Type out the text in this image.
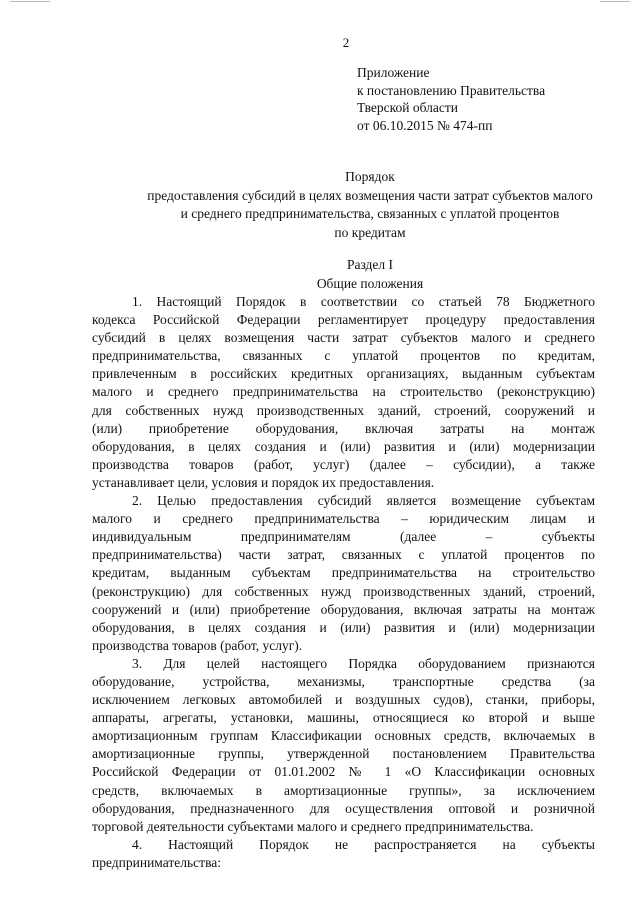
2
Приложение
к постановлению Правительства
Тверской области
от 06.10.2015 № 474-пп
Порядок
предоставления субсидий в целях возмещения части затрат субъектов малого
и среднего предпринимательства, связанных с уплатой процентов
по кредитам
Раздел I
Общие положения
1. Настоящий Порядок в соответствии со статьей 78 Бюджетного
кодекса Российской Федерации регламентирует процедуру предоставления
субсидий в целях возмещения части затрат субъектов малого и среднего
предпринимательства, связанных с уплатой процентов по кредитам,
привлеченным в российских кредитных организациях, выданным субъектам
малого и среднего предпринимательства на строительство (реконструкцию)
для собственных нужд производственных зданий, строений, сооружений и
(или) приобретение оборудования, включая затраты на монтаж
оборудования, в целях создания и (или) развития и (или) модернизации
производства товаров (работ, услуг) (далее – субсидии), а также
устанавливает цели, условия и порядок их предоставления.
2. Целью предоставления субсидий является возмещение субъектам
малого и среднего предпринимательства – юридическим лицам и
индивидуальным предпринимателям (далее – субъекты
предпринимательства) части затрат, связанных с уплатой процентов по
кредитам, выданным субъектам предпринимательства на строительство
(реконструкцию) для собственных нужд производственных зданий, строений,
сооружений и (или) приобретение оборудования, включая затраты на монтаж
оборудования, в целях создания и (или) развития и (или) модернизации
производства товаров (работ, услуг).
3. Для целей настоящего Порядка оборудованием признаются
оборудование, устройства, механизмы, транспортные средства (за
исключением легковых автомобилей и воздушных судов), станки, приборы,
аппараты, агрегаты, установки, машины, относящиеся ко второй и выше
амортизационным группам Классификации основных средств, включаемых в
амортизационные группы, утвержденной постановлением Правительства
Российской Федерации от 01.01.2002 № 1 «О Классификации основных
средств, включаемых в амортизационные группы», за исключением
оборудования, предназначенного для осуществления оптовой и розничной
торговой деятельности субъектами малого и среднего предпринимательства.
4. Настоящий Порядок не распространяется на субъекты
предпринимательства:
